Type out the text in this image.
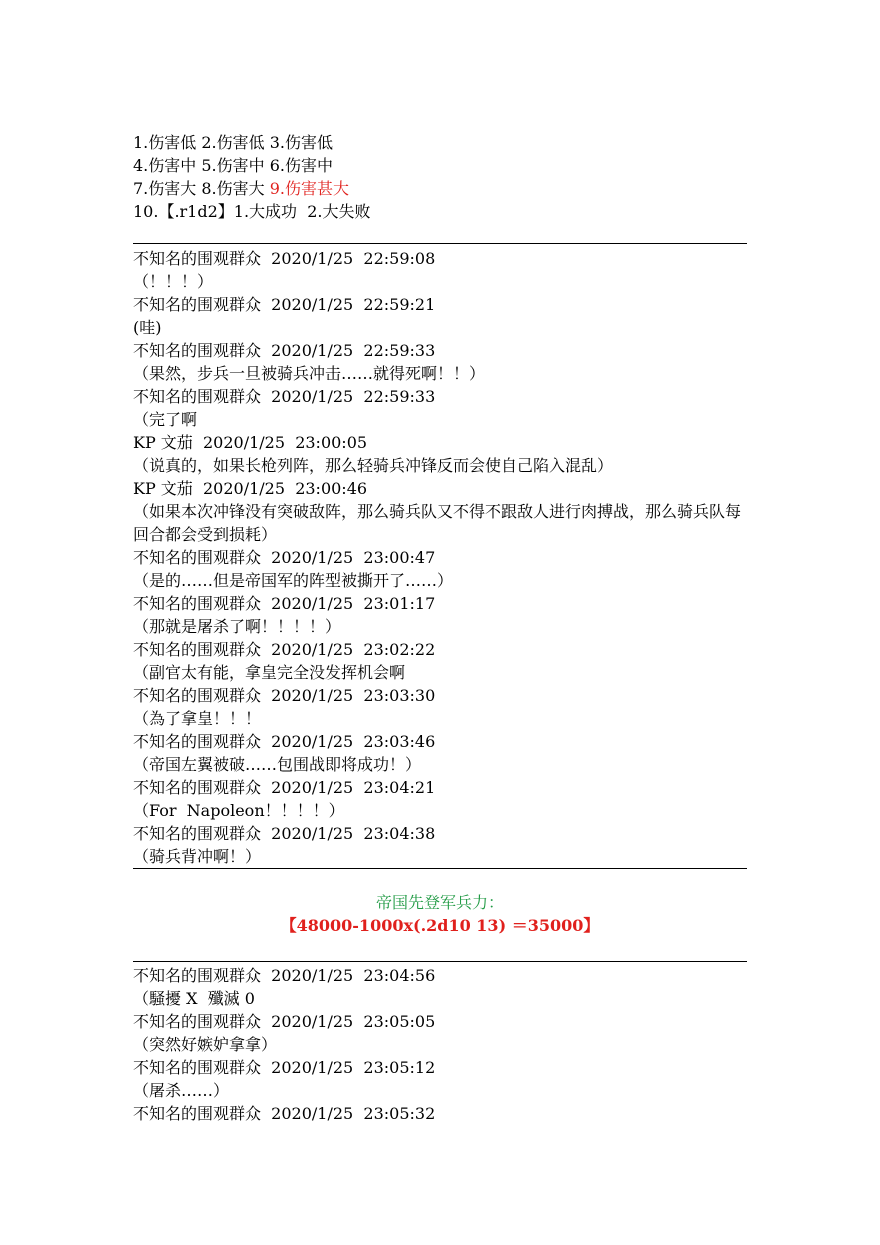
1.伤害低 2.伤害低 3.伤害低
4.伤害中 5.伤害中 6.伤害中
7.伤害大 8.伤害大 9.伤害甚大
10.【.r1d2】1.大成功  2.大失败
不知名的围观群众  2020/1/25  22:59:08
（！！！）
不知名的围观群众  2020/1/25  22:59:21
(哇)
不知名的围观群众  2020/1/25  22:59:33
（果然，步兵一旦被骑兵冲击……就得死啊！！）
不知名的围观群众  2020/1/25  22:59:33
（完了啊
KP 文茄  2020/1/25  23:00:05
（说真的，如果长枪列阵，那么轻骑兵冲锋反而会使自己陷入混乱）
KP 文茄  2020/1/25  23:00:46
（如果本次冲锋没有突破敌阵，那么骑兵队又不得不跟敌人进行肉搏战，那么骑兵队每回合都会受到损耗）
不知名的围观群众  2020/1/25  23:00:47
（是的……但是帝国军的阵型被撕开了……）
不知名的围观群众  2020/1/25  23:01:17
（那就是屠杀了啊！！！！）
不知名的围观群众  2020/1/25  23:02:22
（副官太有能，拿皇完全没发挥机会啊
不知名的围观群众  2020/1/25  23:03:30
（為了拿皇！！！
不知名的围观群众  2020/1/25  23:03:46
（帝国左翼被破……包围战即将成功！）
不知名的围观群众  2020/1/25  23:04:21
（For  Napoleon！！！！）
不知名的围观群众  2020/1/25  23:04:38
（骑兵背冲啊！）
帝国先登军兵力：
【48000-1000x(.2d10 13) ＝35000】
不知名的围观群众  2020/1/25  23:04:56
（騒擾 X  殲滅 0
不知名的围观群众  2020/1/25  23:05:05
（突然好嫉妒拿拿）
不知名的围观群众  2020/1/25  23:05:12
（屠杀……）
不知名的围观群众  2020/1/25  23:05:32
